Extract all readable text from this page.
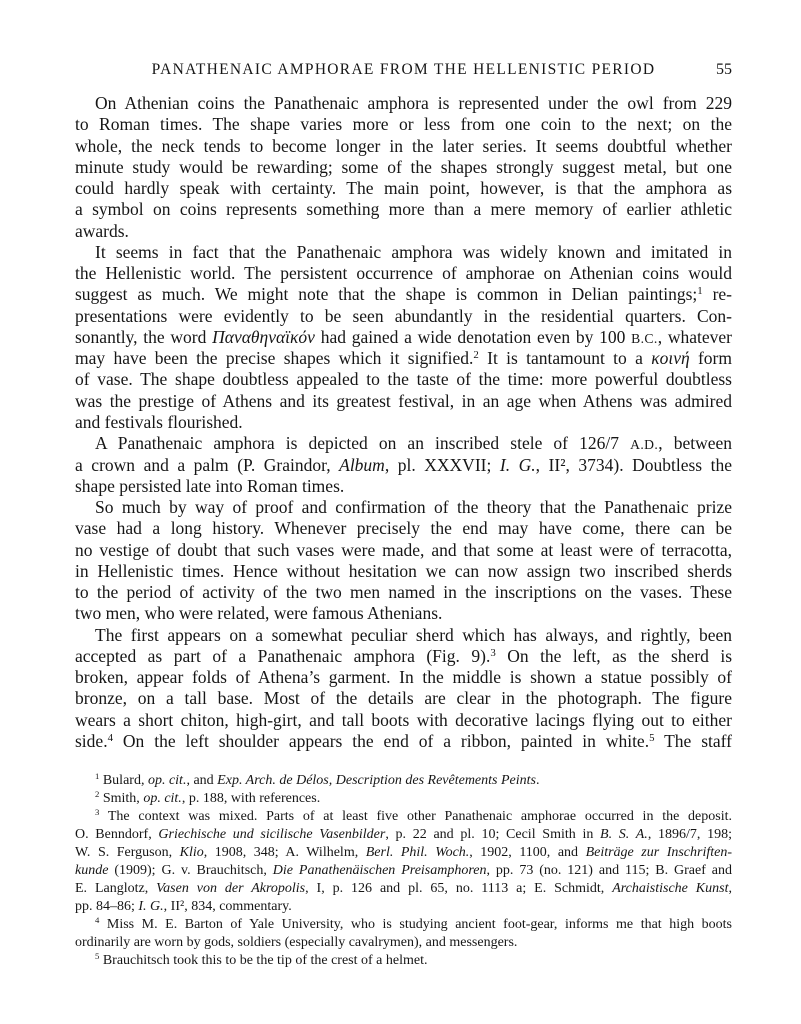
PANATHENAIC AMPHORAE FROM THE HELLENISTIC PERIOD	55
On Athenian coins the Panathenaic amphora is represented under the owl from 229
to Roman times. The shape varies more or less from one coin to the next; on the
whole, the neck tends to become longer in the later series. It seems doubtful whether
minute study would be rewarding; some of the shapes strongly suggest metal, but one
could hardly speak with certainty. The main point, however, is that the amphora as
a symbol on coins represents something more than a mere memory of earlier athletic
awards.
It seems in fact that the Panathenaic amphora was widely known and imitated in
the Hellenistic world. The persistent occurrence of amphorae on Athenian coins would
suggest as much. We might note that the shape is common in Delian paintings;$^1$ re-
presentations were evidently to be seen abundantly in the residential quarters. Con-
sonantly, the word Παναθηναϊκόν had gained a wide denotation even by 100 B.C., whatever
may have been the precise shapes which it signified.$^2$ It is tantamount to a κοινή form
of vase. The shape doubtless appealed to the taste of the time: more powerful doubtless
was the prestige of Athens and its greatest festival, in an age when Athens was admired
and festivals flourished.
A Panathenaic amphora is depicted on an inscribed stele of 126/7 A.D., between
a crown and a palm (P. Graindor, Album, pl. XXXVII; I. G., II², 3734). Doubtless the
shape persisted late into Roman times.
So much by way of proof and confirmation of the theory that the Panathenaic prize
vase had a long history. Whenever precisely the end may have come, there can be
no vestige of doubt that such vases were made, and that some at least were of terracotta,
in Hellenistic times. Hence without hesitation we can now assign two inscribed sherds
to the period of activity of the two men named in the inscriptions on the vases. These
two men, who were related, were famous Athenians.
The first appears on a somewhat peculiar sherd which has always, and rightly, been
accepted as part of a Panathenaic amphora (Fig. 9).$^3$ On the left, as the sherd is
broken, appear folds of Athena’s garment. In the middle is shown a statue possibly of
bronze, on a tall base. Most of the details are clear in the photograph. The figure
wears a short chiton, high-girt, and tall boots with decorative lacings flying out to either
side.$^4$ On the left shoulder appears the end of a ribbon, painted in white.$^5$ The staff
$^1$ Bulard, op. cit., and Exp. Arch. de Délos, Description des Revêtements Peints.
$^2$ Smith, op. cit., p. 188, with references.
$^3$ The context was mixed. Parts of at least five other Panathenaic amphorae occurred in the deposit.
O. Benndorf, Griechische und sicilische Vasenbilder, p. 22 and pl. 10; Cecil Smith in B. S. A., 1896/7, 198;
W. S. Ferguson, Klio, 1908, 348; A. Wilhelm, Berl. Phil. Woch., 1902, 1100, and Beiträge zur Inschriften-
kunde (1909); G. v. Brauchitsch, Die Panathenäischen Preisamphoren, pp. 73 (no. 121) and 115; B. Graef and
E. Langlotz, Vasen von der Akropolis, I, p. 126 and pl. 65, no. 1113 a; E. Schmidt, Archaistische Kunst,
pp. 84–86; I. G., II², 834, commentary.
$^4$ Miss M. E. Barton of Yale University, who is studying ancient foot-gear, informs me that high boots
ordinarily are worn by gods, soldiers (especially cavalrymen), and messengers.
$^5$ Brauchitsch took this to be the tip of the crest of a helmet.
